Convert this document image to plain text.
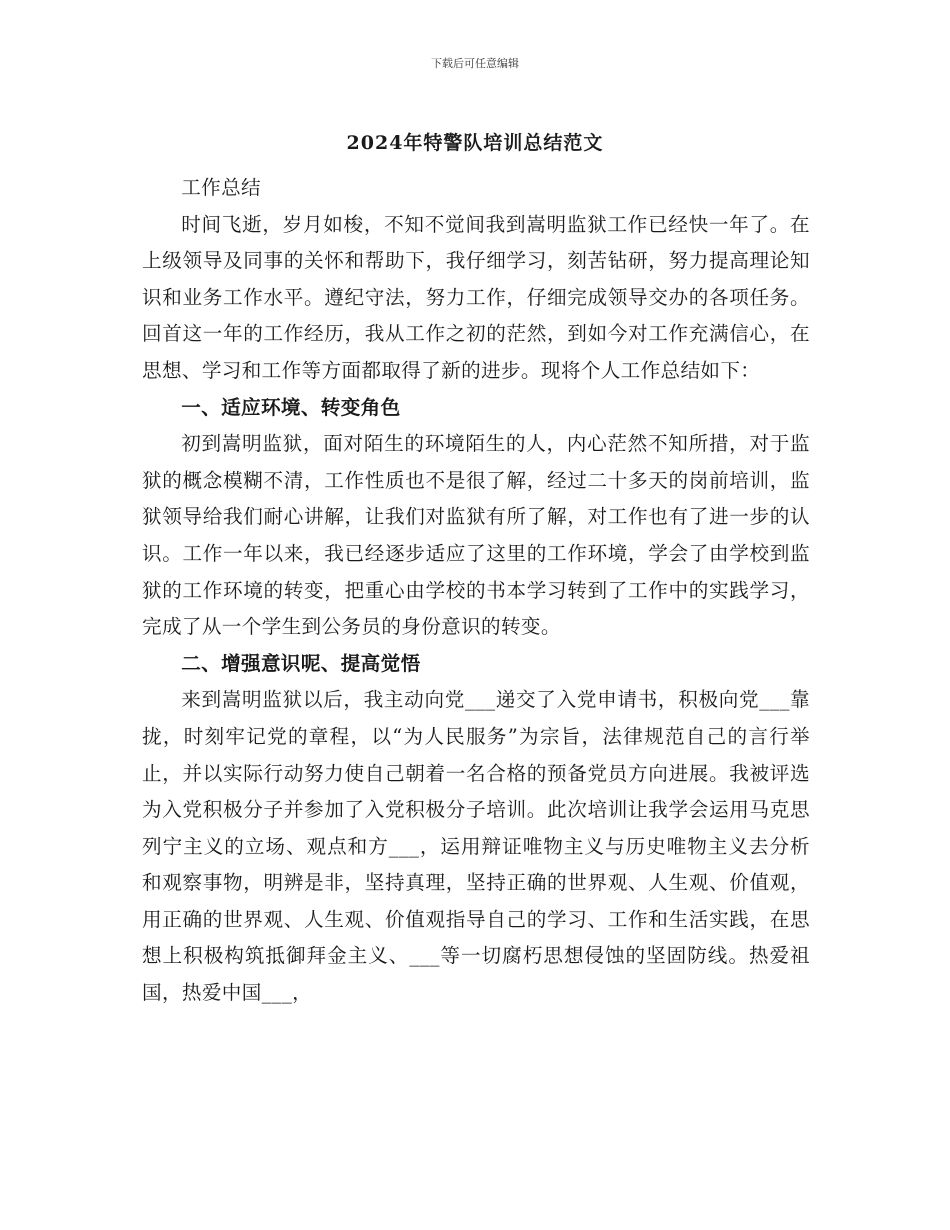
下载后可任意编辑
2024年特警队培训总结范文

工作总结

时间飞逝，岁月如梭，不知不觉间我到嵩明监狱工作已经快一年了。在上级领导及同事的关怀和帮助下，我仔细学习，刻苦钻研，努力提高理论知识和业务工作水平。遵纪守法，努力工作，仔细完成领导交办的各项任务。回首这一年的工作经历，我从工作之初的茫然，到如今对工作充满信心，在思想、学习和工作等方面都取得了新的进步。现将个人工作总结如下：

一、适应环境、转变角色

初到嵩明监狱，面对陌生的环境陌生的人，内心茫然不知所措，对于监狱的概念模糊不清，工作性质也不是很了解，经过二十多天的岗前培训，监狱领导给我们耐心讲解，让我们对监狱有所了解，对工作也有了进一步的认识。工作一年以来，我已经逐步适应了这里的工作环境，学会了由学校到监狱的工作环境的转变，把重心由学校的书本学习转到了工作中的实践学习，完成了从一个学生到公务员的身份意识的转变。

二、增强意识呢、提高觉悟

来到嵩明监狱以后，我主动向党___递交了入党申请书，积极向党___靠拢，时刻牢记党的章程，以“为人民服务”为宗旨，法律规范自己的言行举止，并以实际行动努力使自己朝着一名合格的预备党员方向进展。我被评选为入党积极分子并参加了入党积极分子培训。此次培训让我学会运用马克思列宁主义的立场、观点和方___，运用辩证唯物主义与历史唯物主义去分析和观察事物，明辨是非，坚持真理，坚持正确的世界观、人生观、价值观，用正确的世界观、人生观、价值观指导自己的学习、工作和生活实践，在思想上积极构筑抵御拜金主义、___等一切腐朽思想侵蚀的坚固防线。热爱祖国，热爱中国___，
